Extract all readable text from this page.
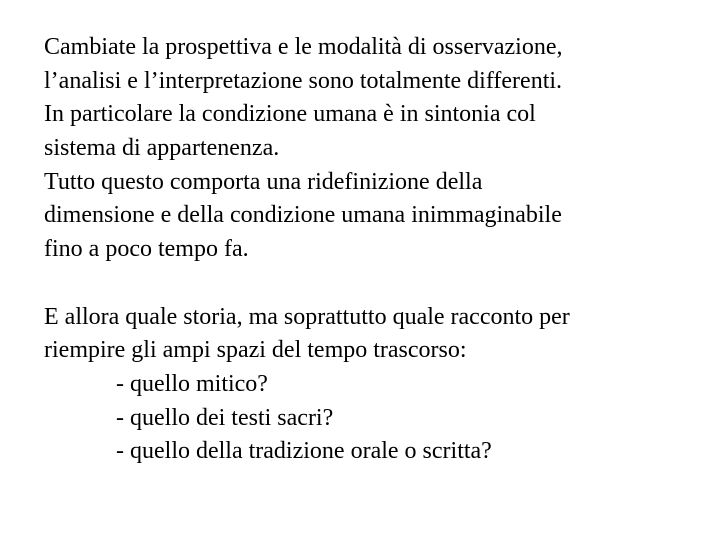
Cambiate la prospettiva e le modalità di osservazione,
l’analisi e l’interpretazione sono totalmente differenti.
In particolare la condizione umana è in sintonia col
sistema di appartenenza.
Tutto questo comporta una ridefinizione della
dimensione e della condizione umana inimmaginabile
fino a poco tempo fa.
E allora quale storia, ma soprattutto quale racconto per
riempire gli ampi spazi del tempo trascorso:
- quello mitico?
- quello dei testi sacri?
- quello della tradizione orale o scritta?
